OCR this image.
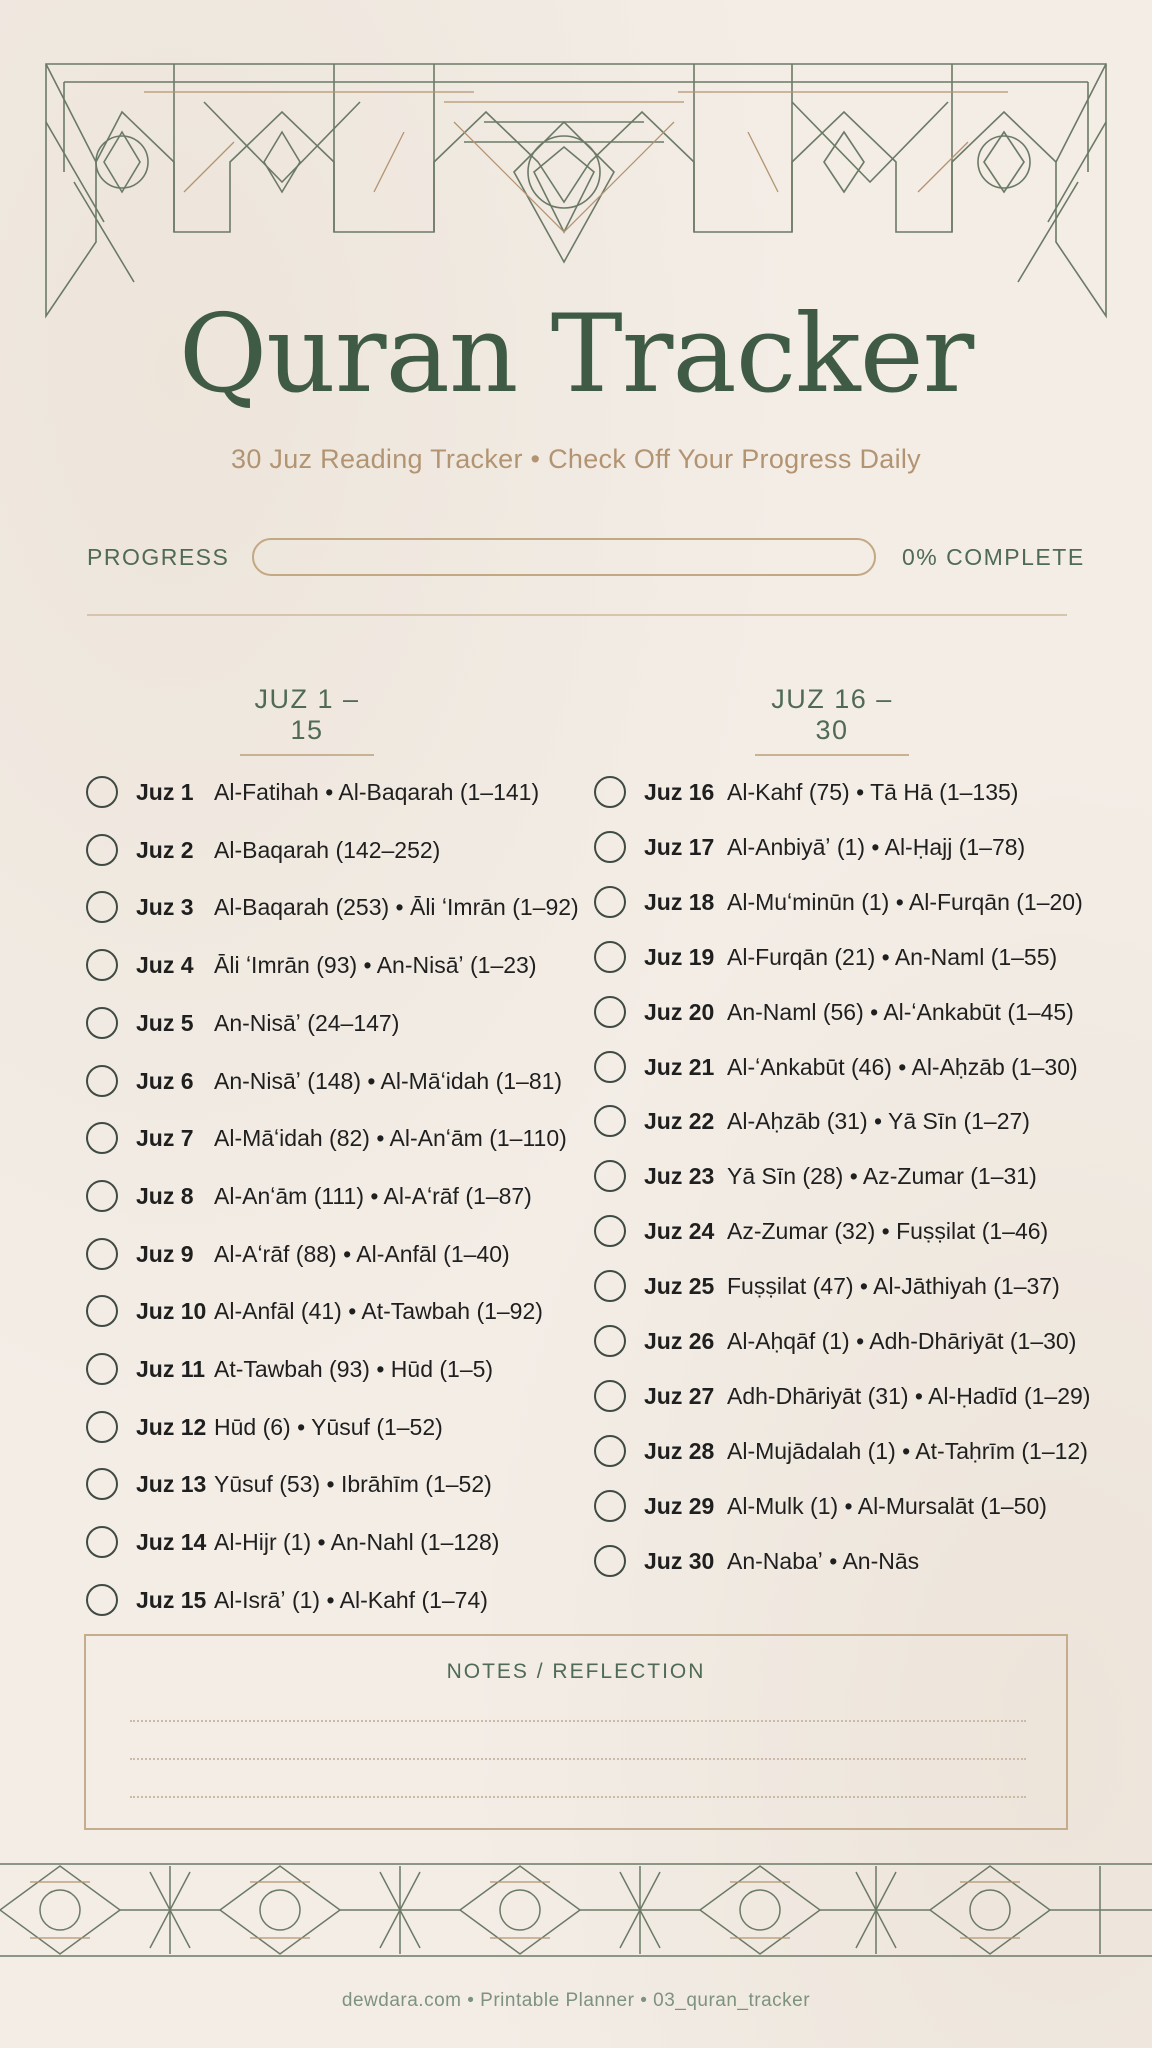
Quran Tracker
30 Juz Reading Tracker • Check Off Your Progress Daily
PROGRESS	0% COMPLETE
JUZ 1 – 15
JUZ 16 – 30
Juz 1 Al-Fatihah • Al-Baqarah (1–141)
Juz 2 Al-Baqarah (142–252)
Juz 3 Al-Baqarah (253) • Āli ʻImrān (1–92)
Juz 4 Āli ʻImrān (93) • An-Nisāʼ (1–23)
Juz 5 An-Nisāʼ (24–147)
Juz 6 An-Nisāʼ (148) • Al-Māʻidah (1–81)
Juz 7 Al-Māʻidah (82) • Al-Anʻām (1–110)
Juz 8 Al-Anʻām (111) • Al-Aʻrāf (1–87)
Juz 9 Al-Aʻrāf (88) • Al-Anfāl (1–40)
Juz 10 Al-Anfāl (41) • At-Tawbah (1–92)
Juz 11 At-Tawbah (93) • Hūd (1–5)
Juz 12 Hūd (6) • Yūsuf (1–52)
Juz 13 Yūsuf (53) • Ibrāhīm (1–52)
Juz 14 Al-Hijr (1) • An-Nahl (1–128)
Juz 15 Al-Isrāʼ (1) • Al-Kahf (1–74)
Juz 16 Al-Kahf (75) • Tā Hā (1–135)
Juz 17 Al-Anbiyāʼ (1) • Al-Ḥajj (1–78)
Juz 18 Al-Muʻminūn (1) • Al-Furqān (1–20)
Juz 19 Al-Furqān (21) • An-Naml (1–55)
Juz 20 An-Naml (56) • Al-ʻAnkabūt (1–45)
Juz 21 Al-ʻAnkabūt (46) • Al-Aḥzāb (1–30)
Juz 22 Al-Aḥzāb (31) • Yā Sīn (1–27)
Juz 23 Yā Sīn (28) • Az-Zumar (1–31)
Juz 24 Az-Zumar (32) • Fuṣṣilat (1–46)
Juz 25 Fuṣṣilat (47) • Al-Jāthiyah (1–37)
Juz 26 Al-Aḥqāf (1) • Adh-Dhāriyāt (1–30)
Juz 27 Adh-Dhāriyāt (31) • Al-Ḥadīd (1–29)
Juz 28 Al-Mujādalah (1) • At-Taḥrīm (1–12)
Juz 29 Al-Mulk (1) • Al-Mursalāt (1–50)
Juz 30 An-Nabaʼ • An-Nās
NOTES / REFLECTION
dewdara.com • Printable Planner • 03_quran_tracker
